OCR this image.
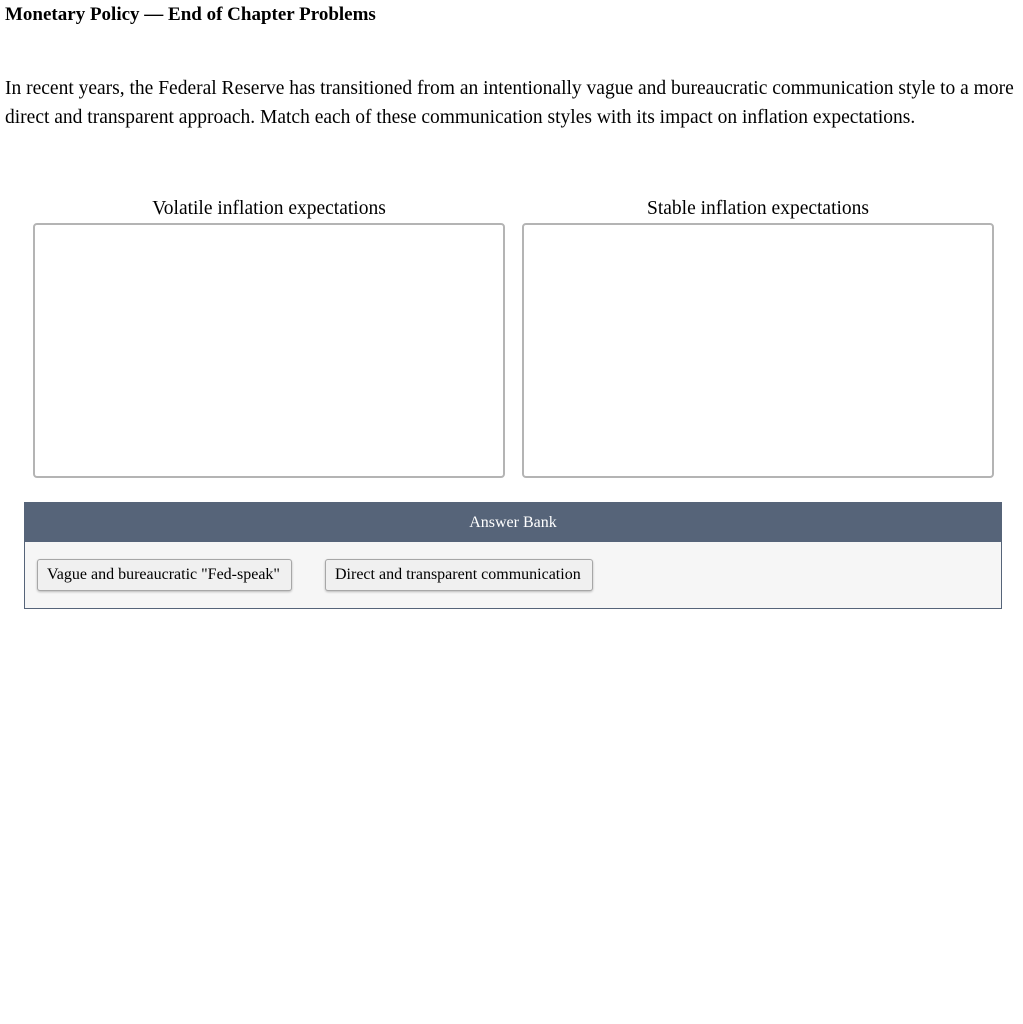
Monetary Policy — End of Chapter Problems
In recent years, the Federal Reserve has transitioned from an intentionally vague and bureaucratic communication style to a more direct and transparent approach. Match each of these communication styles with its impact on inflation expectations.
Volatile inflation expectations	Stable inflation expectations
Answer Bank
Vague and bureaucratic "Fed-speak"	Direct and transparent communication
